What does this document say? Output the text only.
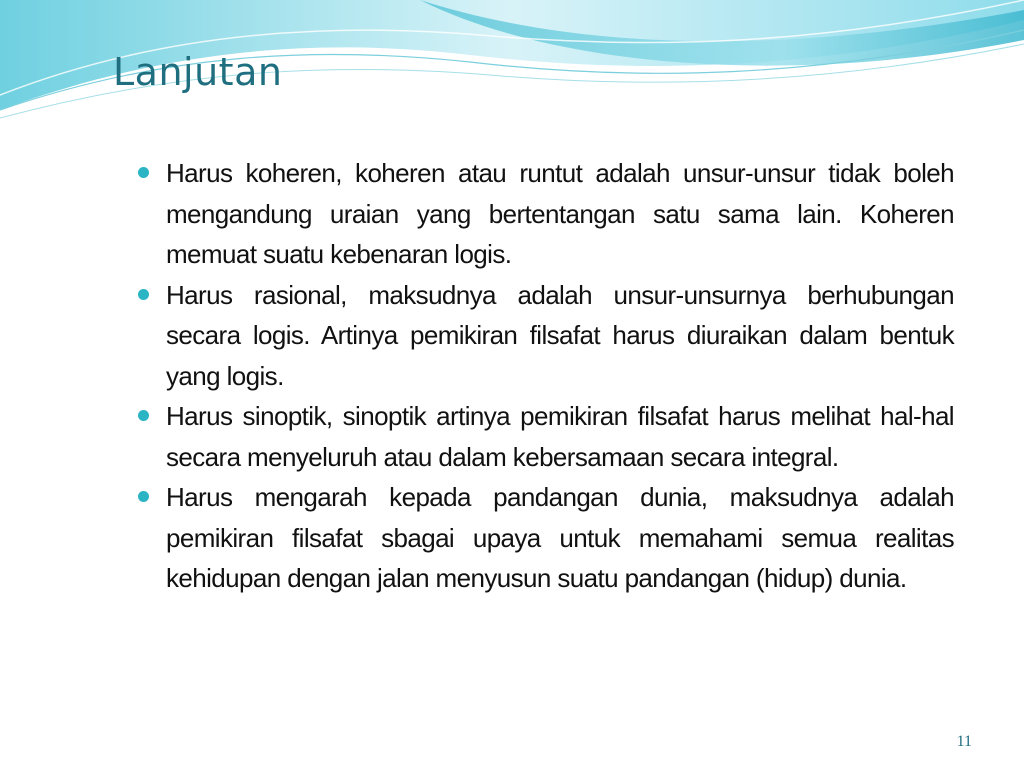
Lanjutan
Harus koheren, koheren atau runtut adalah unsur-unsur tidak boleh mengandung uraian yang bertentangan satu sama lain. Koheren memuat suatu kebenaran logis.
Harus rasional, maksudnya adalah unsur-unsurnya berhubungan secara logis. Artinya pemikiran filsafat harus diuraikan dalam bentuk yang logis.
Harus sinoptik, sinoptik artinya pemikiran filsafat harus melihat hal-hal secara menyeluruh atau dalam kebersamaan secara integral.
Harus mengarah kepada pandangan dunia, maksudnya adalah pemikiran filsafat sbagai upaya untuk memahami semua realitas kehidupan dengan jalan menyusun suatu pandangan (hidup) dunia.
11
